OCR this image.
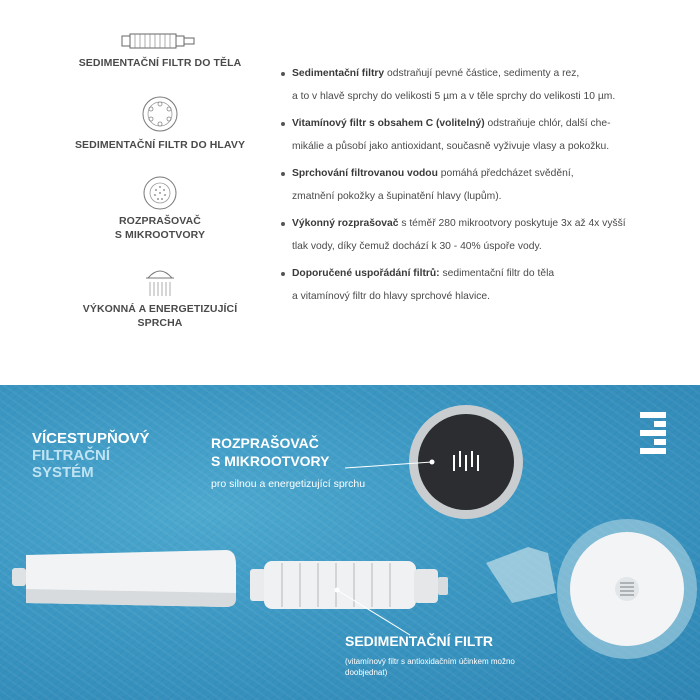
SEDIMENTAČNÍ FILTR DO TĚLA
SEDIMENTAČNÍ FILTR DO HLAVY
ROZPRAŠOVAČ
S MIKROOTVORY
VÝKONNÁ A ENERGETIZUJÍCÍ
SPRCHA
Sedimentační filtry odstraňují pevné částice, sedimenty a rez,
a to v hlavě sprchy do velikosti 5 µm a v těle sprchy do velikosti 10 µm.
Vitamínový filtr s obsahem C (volitelný) odstraňuje chlór, další che-
mikálie a působí jako antioxidant, současně vyživuje vlasy a pokožku.
Sprchování filtrovanou vodou pomáhá předcházet svědění,
zmatnění pokožky a šupinatění hlavy (lupům).
Výkonný rozprašovač s téměř 280 mikrootvory poskytuje 3x až 4x vyšší
tlak vody, díky čemuž dochází k 30 - 40% úspoře vody.
Doporučené uspořádání filtrů: sedimentační filtr do těla
a vitamínový filtr do hlavy sprchové hlavice.
VÍCESTUPŇOVÝ
FILTRAČNÍ
SYSTÉM
ROZPRAŠOVAČ
S MIKROOTVORY
pro silnou a energetizující sprchu
SEDIMENTAČNÍ FILTR
(vitamínový filtr s antioxidačním účinkem možno doobjednat)
